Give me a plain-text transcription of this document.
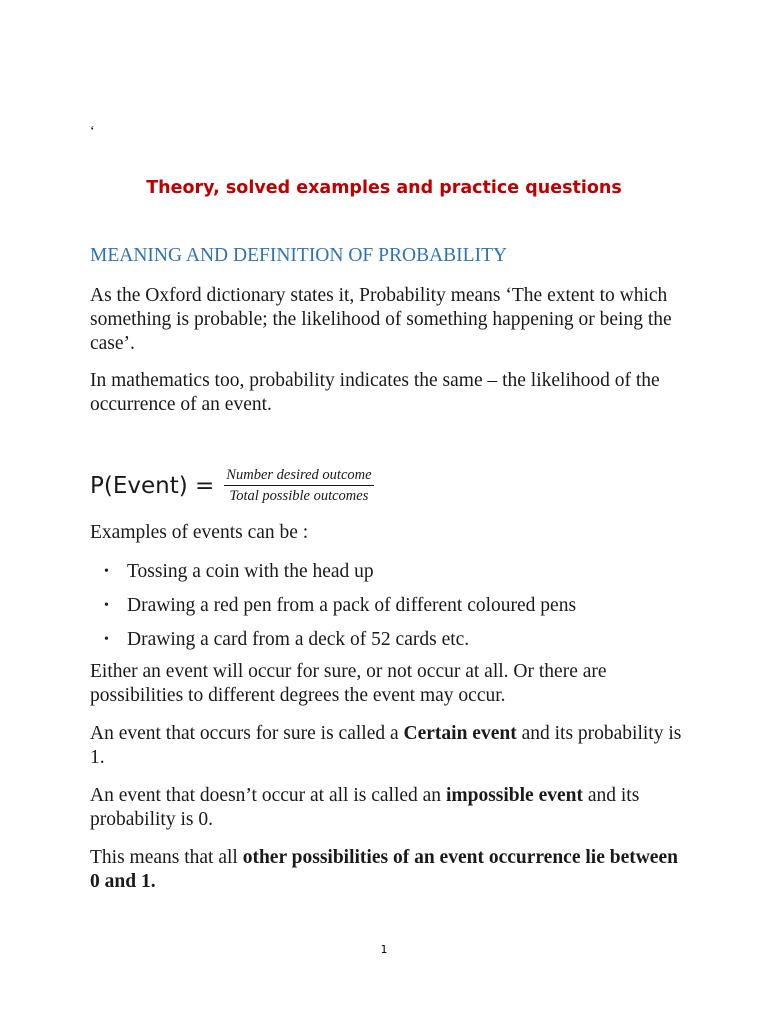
‘
Theory, solved examples and practice questions
MEANING AND DEFINITION OF PROBABILITY

As the Oxford dictionary states it, Probability means ‘The extent to which something is probable; the likelihood of something happening or being the case’.

In mathematics too, probability indicates the same – the likelihood of the occurrence of an event.

P(Event) = $\frac{\text{Number desired outcome}}{\text{Total possible outcomes}}$

Examples of events can be :

• Tossing a coin with the head up
• Drawing a red pen from a pack of different coloured pens
• Drawing a card from a deck of 52 cards etc.

Either an event will occur for sure, or not occur at all. Or there are possibilities to different degrees the event may occur.

An event that occurs for sure is called a Certain event and its probability is 1.

An event that doesn’t occur at all is called an impossible event and its probability is 0.

This means that all other possibilities of an event occurrence lie between 0 and 1.

1
